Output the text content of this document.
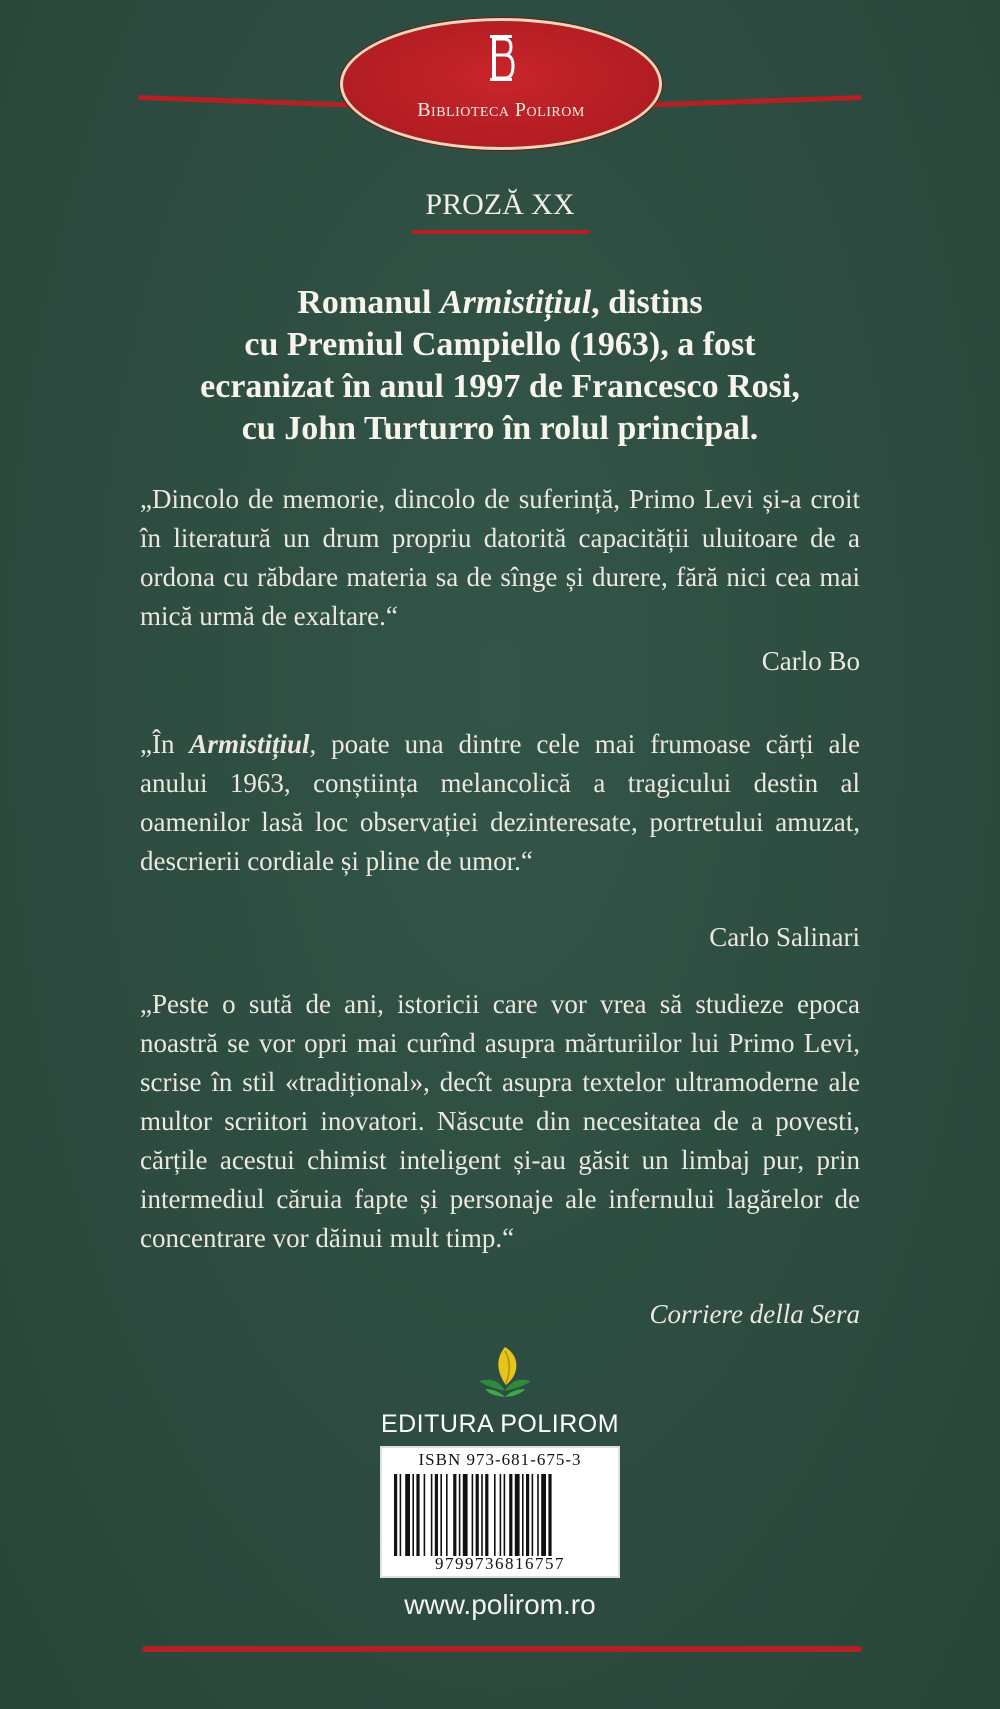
Biblioteca Polirom
PROZĂ XX
Romanul Armistițiul, distins
cu Premiul Campiello (1963), a fost
ecranizat în anul 1997 de Francesco Rosi,
cu John Turturro în rolul principal.
„Dincolo de memorie, dincolo de suferință, Primo Levi și-a croit în literatură un drum propriu datorită capacității uluitoare de a ordona cu răbdare materia sa de sînge și durere, fără nici cea mai mică urmă de exaltare.“
Carlo Bo
„În Armistițiul, poate una dintre cele mai frumoase cărți ale anului 1963, conștiința melancolică a tragicului destin al oamenilor lasă loc observației dezinteresate, portretului amuzat, descrierii cordiale și pline de umor.“
Carlo Salinari
„Peste o sută de ani, istoricii care vor vrea să studieze epoca noastră se vor opri mai curînd asupra mărturiilor lui Primo Levi, scrise în stil «tradițional», decît asupra textelor ultramoderne ale multor scriitori inovatori. Născute din necesitatea de a povesti, cărțile acestui chimist inteligent și-au găsit un limbaj pur, prin intermediul căruia fapte și personaje ale infernului lagărelor de concentrare vor dăinui mult timp.“
Corriere della Sera
EDITURA POLIROM
ISBN 973-681-675-3
9799736816757
www.polirom.ro
